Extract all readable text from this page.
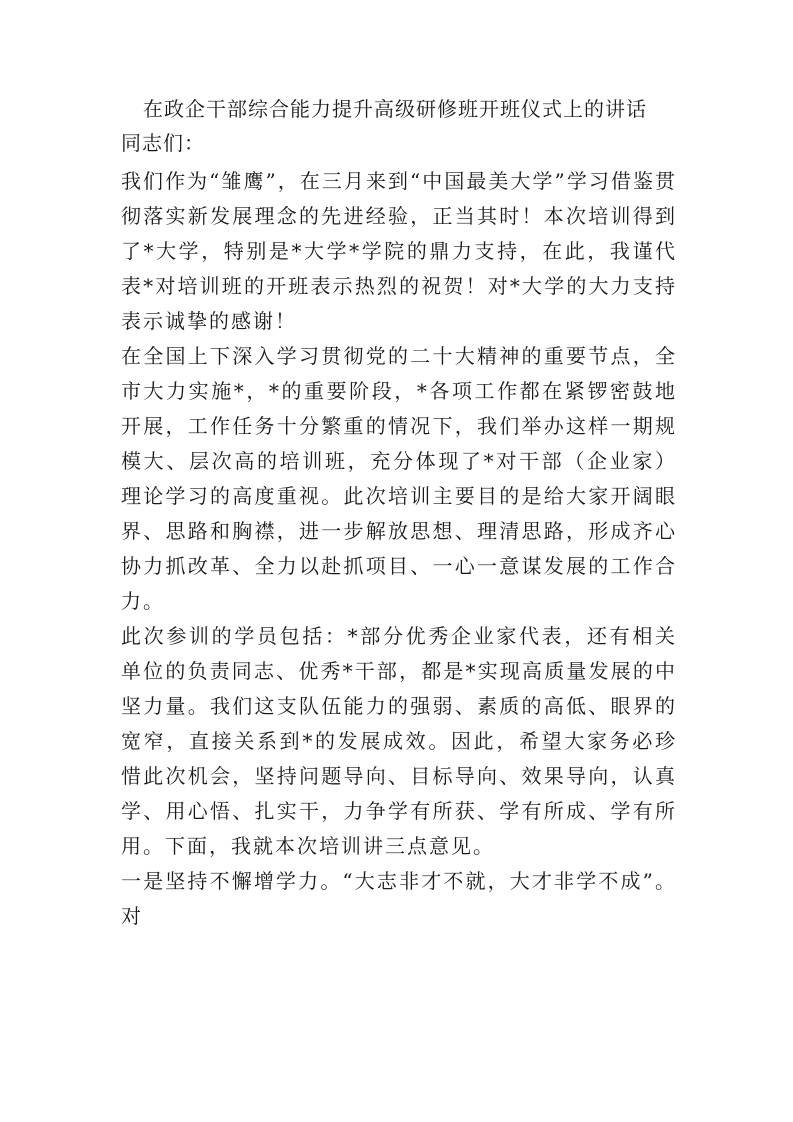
在政企干部综合能力提升高级研修班开班仪式上的讲话

同志们：

我们作为“雏鹰”，在三月来到“中国最美大学”学习借鉴贯彻落实新发展理念的先进经验，正当其时！本次培训得到了*大学，特别是*大学*学院的鼎力支持，在此，我谨代表*对培训班的开班表示热烈的祝贺！对*大学的大力支持表示诚挚的感谢！

在全国上下深入学习贯彻党的二十大精神的重要节点，全市大力实施*，*的重要阶段，*各项工作都在紧锣密鼓地开展，工作任务十分繁重的情况下，我们举办这样一期规模大、层次高的培训班，充分体现了*对干部（企业家）理论学习的高度重视。此次培训主要目的是给大家开阔眼界、思路和胸襟，进一步解放思想、理清思路，形成齐心协力抓改革、全力以赴抓项目、一心一意谋发展的工作合力。

此次参训的学员包括：*部分优秀企业家代表，还有相关单位的负责同志、优秀*干部，都是*实现高质量发展的中坚力量。我们这支队伍能力的强弱、素质的高低、眼界的宽窄，直接关系到*的发展成效。因此，希望大家务必珍惜此次机会，坚持问题导向、目标导向、效果导向，认真学、用心悟、扎实干，力争学有所获、学有所成、学有所用。下面，我就本次培训讲三点意见。

一是坚持不懈增学力。“大志非才不就，大才非学不成”。对
